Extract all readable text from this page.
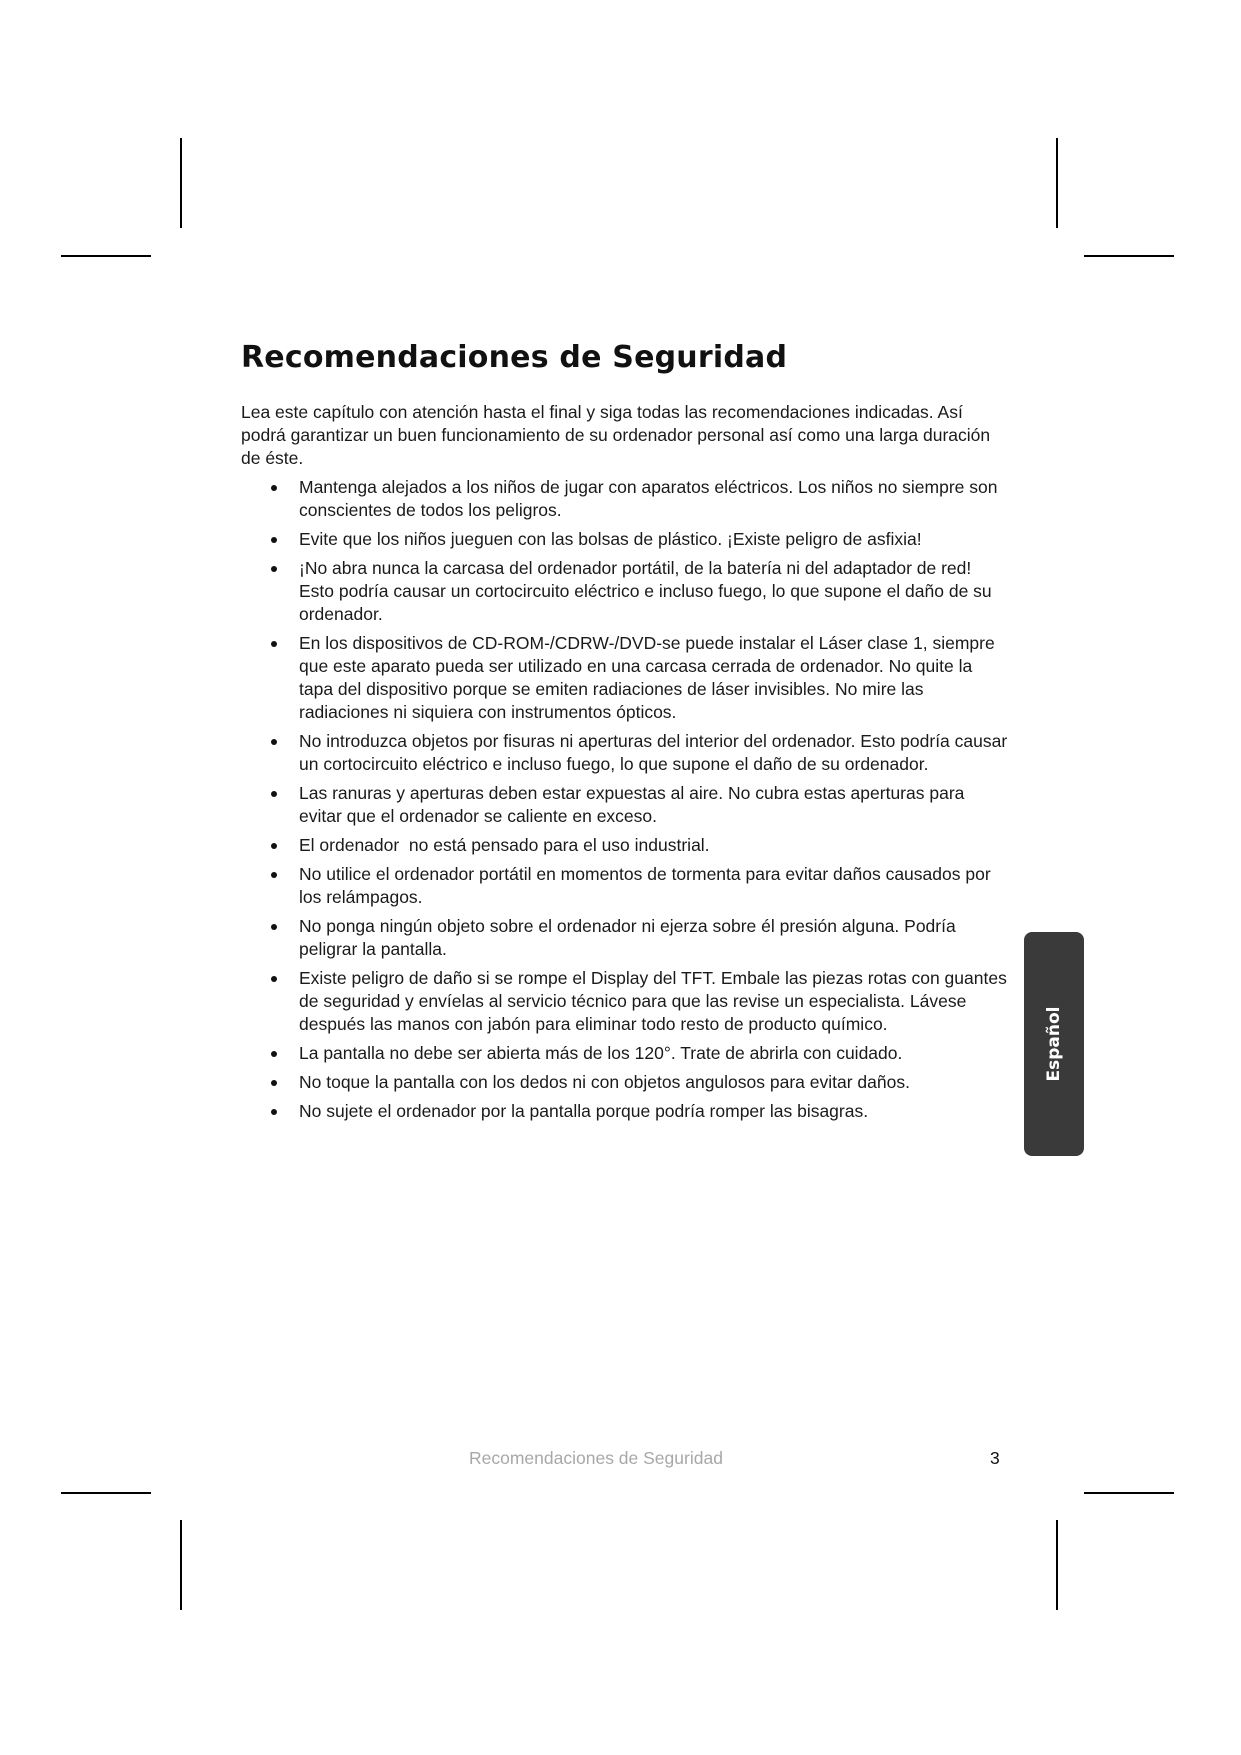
Recomendaciones de Seguridad

Lea este capítulo con atención hasta el final y siga todas las recomendaciones indicadas. Así podrá garantizar un buen funcionamiento de su ordenador personal así como una larga duración de éste.

Mantenga alejados a los niños de jugar con aparatos eléctricos. Los niños no siempre son conscientes de todos los peligros.
Evite que los niños jueguen con las bolsas de plástico. ¡Existe peligro de asfixia!
¡No abra nunca la carcasa del ordenador portátil, de la batería ni del adaptador de red! Esto podría causar un cortocircuito eléctrico e incluso fuego, lo que supone el daño de su ordenador.
En los dispositivos de CD-ROM-/CDRW-/DVD-se puede instalar el Láser clase 1, siempre que este aparato pueda ser utilizado en una carcasa cerrada de ordenador. No quite la tapa del dispositivo porque se emiten radiaciones de láser invisibles. No mire las radiaciones ni siquiera con instrumentos ópticos.
No introduzca objetos por fisuras ni aperturas del interior del ordenador. Esto podría causar un cortocircuito eléctrico e incluso fuego, lo que supone el daño de su ordenador.
Las ranuras y aperturas deben estar expuestas al aire. No cubra estas aperturas para evitar que el ordenador se caliente en exceso.
El ordenador  no está pensado para el uso industrial.
No utilice el ordenador portátil en momentos de tormenta para evitar daños causados por los relámpagos.
No ponga ningún objeto sobre el ordenador ni ejerza sobre él presión alguna. Podría peligrar la pantalla.
Existe peligro de daño si se rompe el Display del TFT. Embale las piezas rotas con guantes de seguridad y envíelas al servicio técnico para que las revise un especialista. Lávese después las manos con jabón para eliminar todo resto de producto químico.
La pantalla no debe ser abierta más de los 120°. Trate de abrirla con cuidado.
No toque la pantalla con los dedos ni con objetos angulosos para evitar daños.
No sujete el ordenador por la pantalla porque podría romper las bisagras.
Español
Recomendaciones de Seguridad	3
